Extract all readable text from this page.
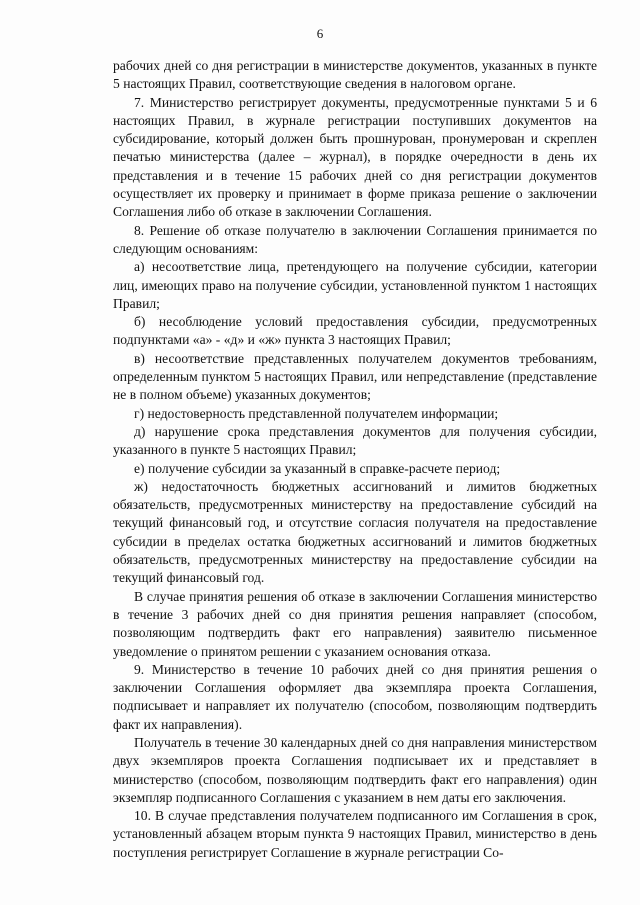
6

рабочих дней со дня регистрации в министерстве документов, указанных в пункте 5 настоящих Правил, соответствующие сведения в налоговом органе.

7. Министерство регистрирует документы, предусмотренные пунктами 5 и 6 настоящих Правил, в журнале регистрации поступивших документов на субсидирование, который должен быть прошнурован, пронумерован и скреплен печатью министерства (далее – журнал), в порядке очередности в день их представления и в течение 15 рабочих дней со дня регистрации документов осуществляет их проверку и принимает в форме приказа решение о заключении Соглашения либо об отказе в заключении Соглашения.

8. Решение об отказе получателю в заключении Соглашения принимается по следующим основаниям:

а) несоответствие лица, претендующего на получение субсидии, категории лиц, имеющих право на получение субсидии, установленной пунктом 1 настоящих Правил;

б) несоблюдение условий предоставления субсидии, предусмотренных подпунктами «а» - «д» и «ж» пункта 3 настоящих Правил;

в) несоответствие представленных получателем документов требованиям, определенным пунктом 5 настоящих Правил, или непредставление (представление не в полном объеме) указанных документов;

г) недостоверность представленной получателем информации;

д) нарушение срока представления документов для получения субсидии, указанного в пункте 5 настоящих Правил;

е) получение субсидии за указанный в справке-расчете период;

ж) недостаточность бюджетных ассигнований и лимитов бюджетных обязательств, предусмотренных министерству на предоставление субсидий на текущий финансовый год, и отсутствие согласия получателя на предоставление субсидии в пределах остатка бюджетных ассигнований и лимитов бюджетных обязательств, предусмотренных министерству на предоставление субсидии на текущий финансовый год.

В случае принятия решения об отказе в заключении Соглашения министерство в течение 3 рабочих дней со дня принятия решения направляет (способом, позволяющим подтвердить факт его направления) заявителю письменное уведомление о принятом решении с указанием основания отказа.

9. Министерство в течение 10 рабочих дней со дня принятия решения о заключении Соглашения оформляет два экземпляра проекта Соглашения, подписывает и направляет их получателю (способом, позволяющим подтвердить факт их направления).

Получатель в течение 30 календарных дней со дня направления министерством двух экземпляров проекта Соглашения подписывает их и представляет в министерство (способом, позволяющим подтвердить факт его направления) один экземпляр подписанного Соглашения с указанием в нем даты его заключения.

10. В случае представления получателем подписанного им Соглашения в срок, установленный абзацем вторым пункта 9 настоящих Правил, министерство в день поступления регистрирует Соглашение в журнале регистрации Со-
